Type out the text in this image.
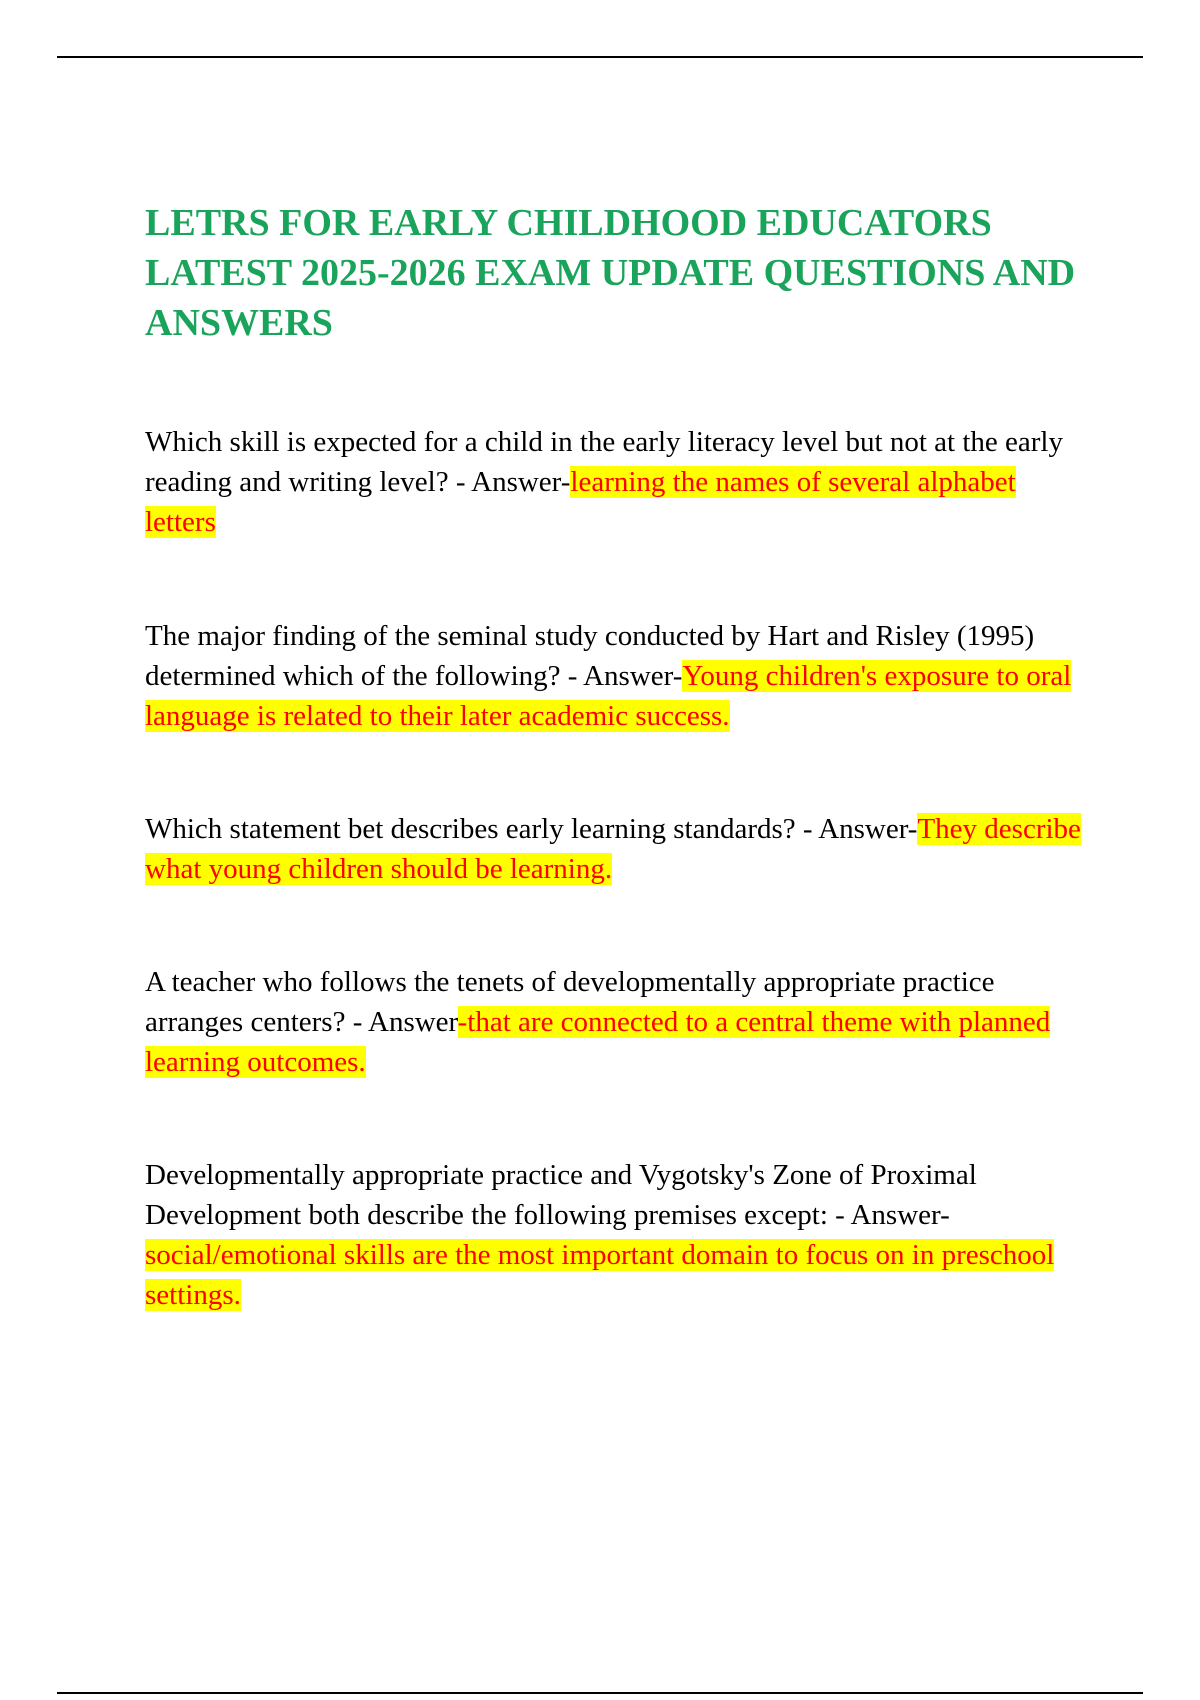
LETRS FOR EARLY CHILDHOOD EDUCATORS LATEST 2025-2026 EXAM UPDATE QUESTIONS AND ANSWERS

Which skill is expected for a child in the early literacy level but not at the early reading and writing level? - Answer-learning the names of several alphabet letters

The major finding of the seminal study conducted by Hart and Risley (1995) determined which of the following? - Answer-Young children's exposure to oral language is related to their later academic success.

Which statement bet describes early learning standards? - Answer-They describe what young children should be learning.

A teacher who follows the tenets of developmentally appropriate practice arranges centers? - Answer-that are connected to a central theme with planned learning outcomes.

Developmentally appropriate practice and Vygotsky's Zone of Proximal Development both describe the following premises except: - Answer-social/emotional skills are the most important domain to focus on in preschool settings.
